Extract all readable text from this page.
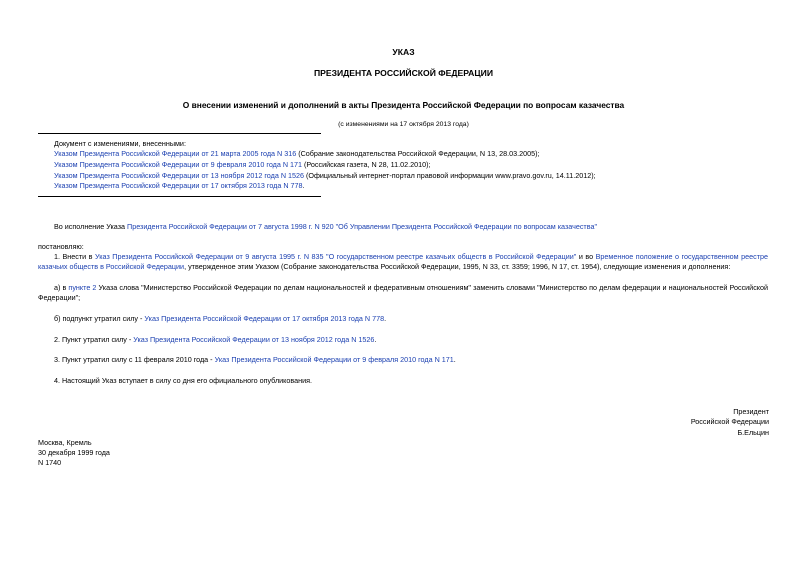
УКАЗ
ПРЕЗИДЕНТА РОССИЙСКОЙ ФЕДЕРАЦИИ
О внесении изменений и дополнений в акты Президента Российской Федерации по вопросам казачества
(с изменениями на 17 октября 2013 года)
Документ с изменениями, внесенными:
Указом Президента Российской Федерации от 21 марта 2005 года N 316 (Собрание законодательства Российской Федерации, N 13, 28.03.2005);
Указом Президента Российской Федерации от 9 февраля 2010 года N 171 (Российская газета, N 28, 11.02.2010);
Указом Президента Российской Федерации от 13 ноября 2012 года N 1526 (Официальный интернет-портал правовой информации www.pravo.gov.ru, 14.11.2012);
Указом Президента Российской Федерации от 17 октября 2013 года N 778.
Во исполнение Указа Президента Российской Федерации от 7 августа 1998 г. N 920 "Об Управлении Президента Российской Федерации по вопросам казачества"
постановляю:
1. Внести в Указ Президента Российской Федерации от 9 августа 1995 г. N 835 "О государственном реестре казачьих обществ в Российской Федерации" и во Временное положение о государственном реестре казачьих обществ в Российской Федерации, утвержденное этим Указом (Собрание законодательства Российской Федерации, 1995, N 33, ст. 3359; 1996, N 17, ст. 1954), следующие изменения и дополнения:
а) в пункте 2 Указа слова "Министерство Российской Федерации по делам национальностей и федеративным отношениям" заменить словами "Министерство по делам федерации и национальностей Российской Федерации";
б) подпункт утратил силу - Указ Президента Российской Федерации от 17 октября 2013 года N 778.
2. Пункт утратил силу - Указ Президента Российской Федерации от 13 ноября 2012 года N 1526.
3. Пункт утратил силу с 11 февраля 2010 года - Указ Президента Российской Федерации от 9 февраля 2010 года N 171.
4. Настоящий Указ вступает в силу со дня его официального опубликования.
Президент
Российской Федерации
Б.Ельцин
Москва, Кремль
30 декабря 1999 года
N 1740
